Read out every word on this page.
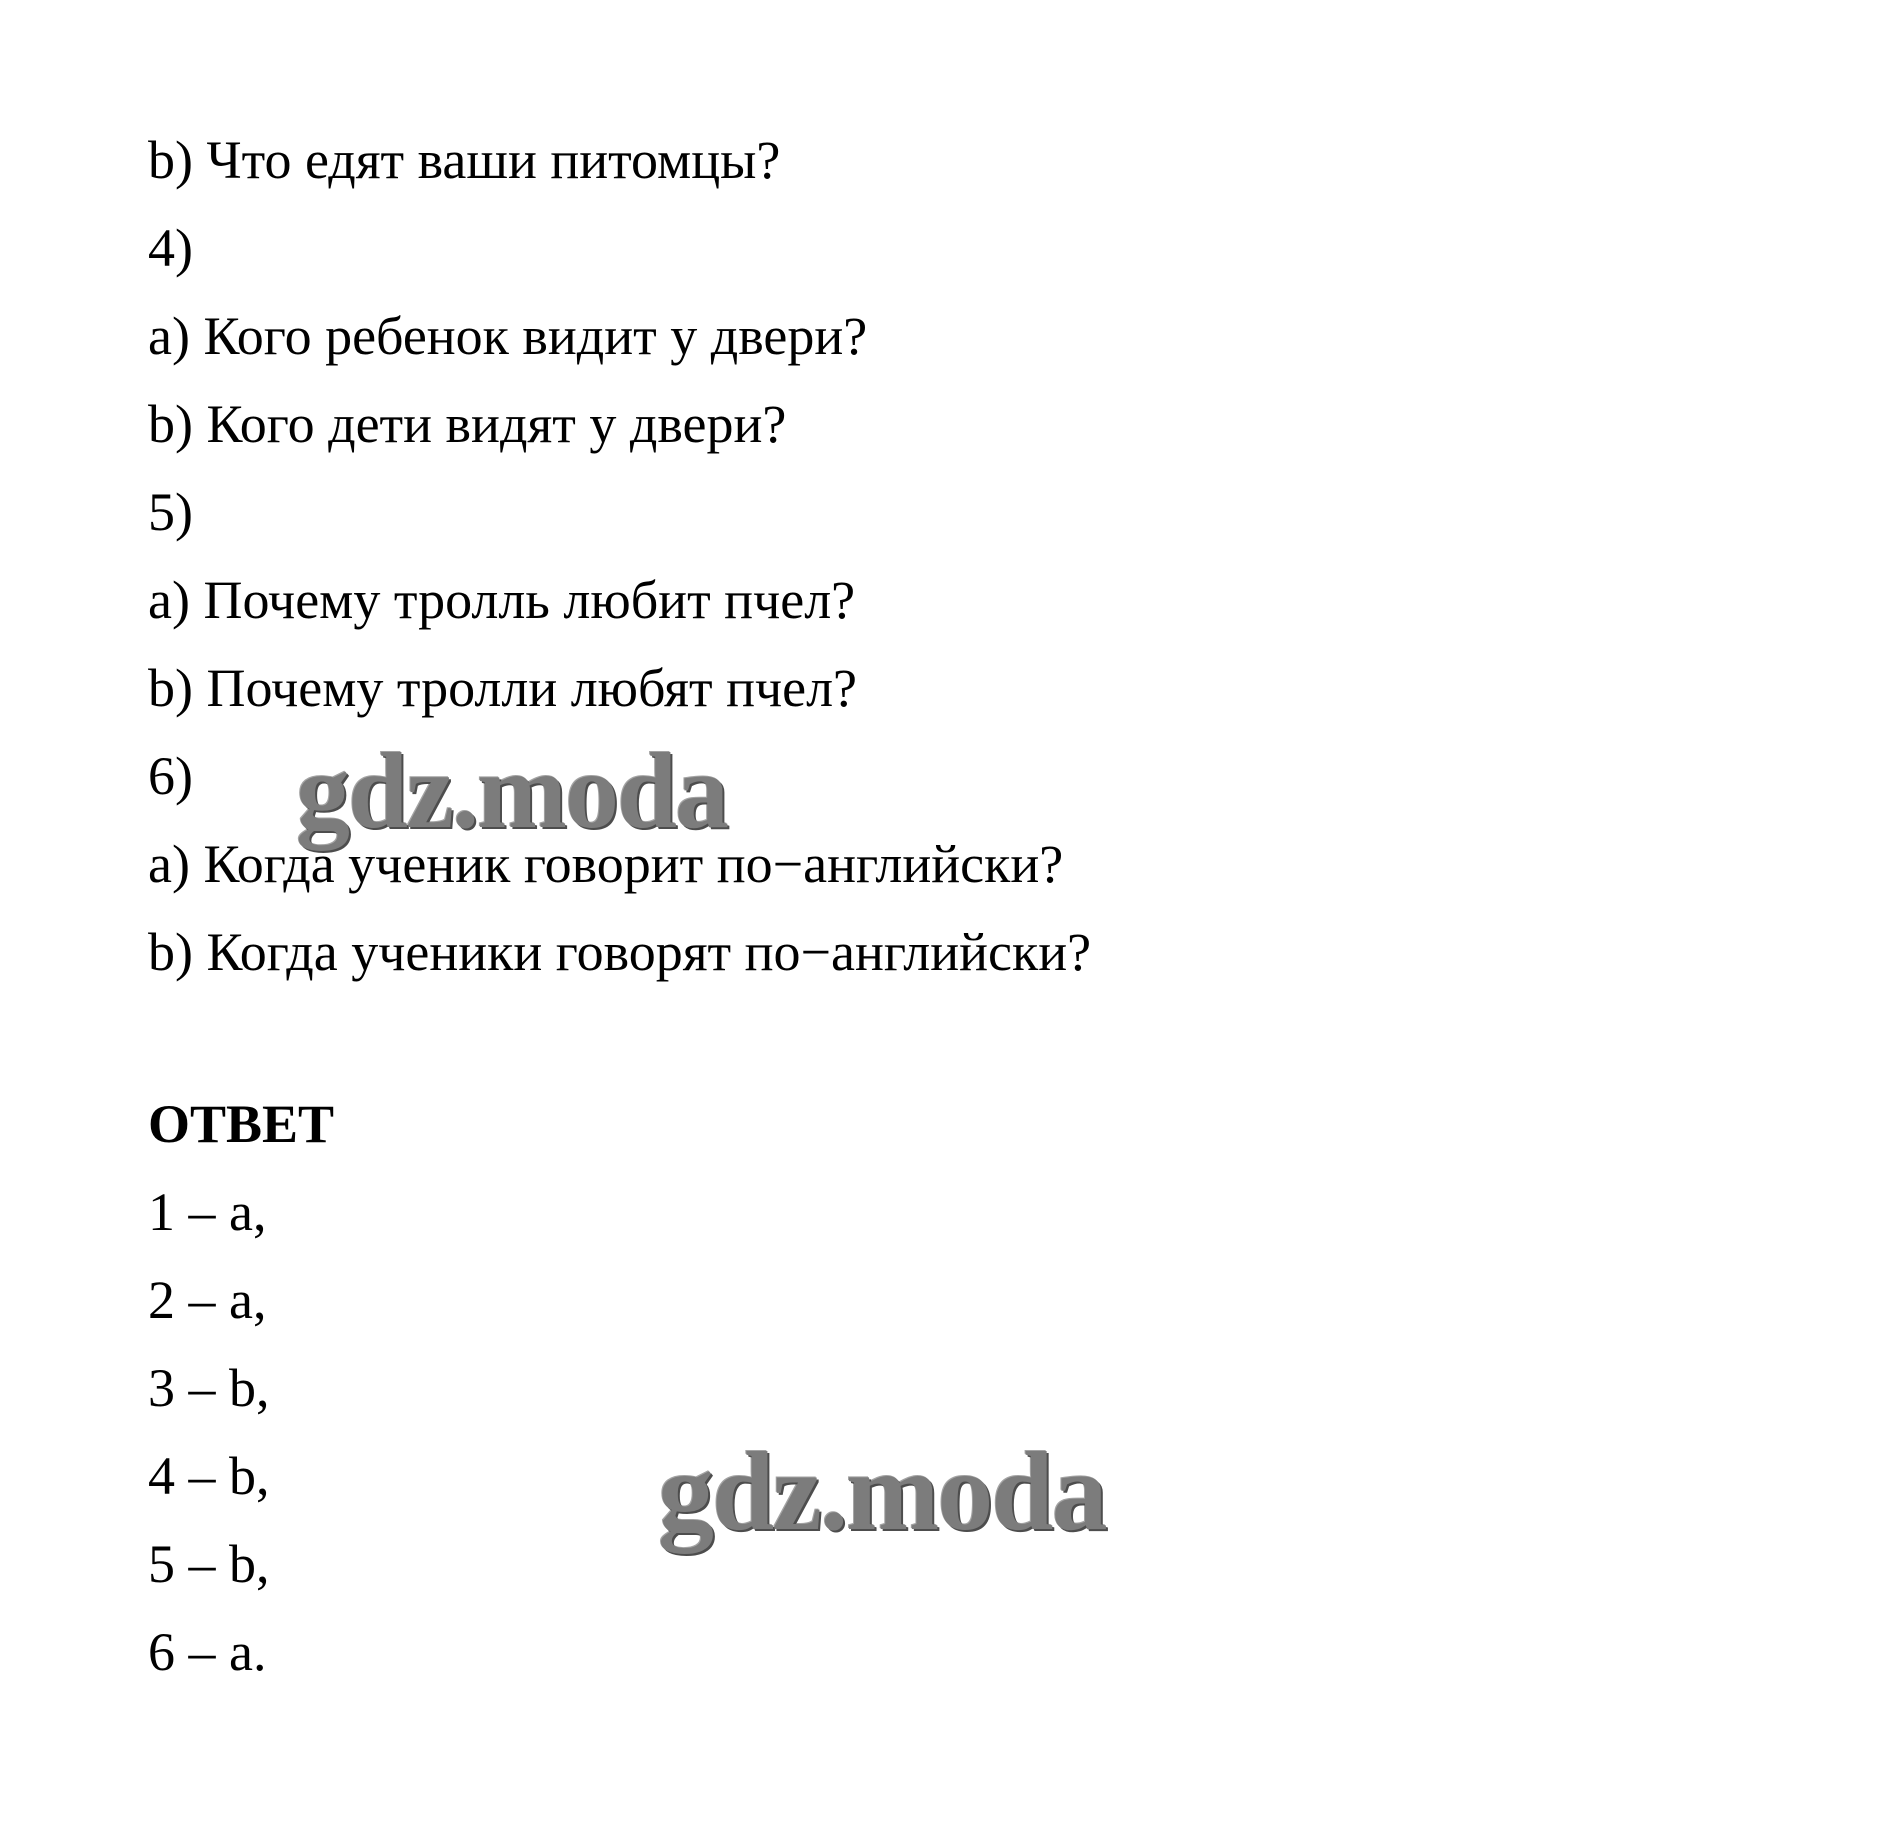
b) Что едят ваши питомцы?
4)
a) Кого ребенок видит у двери?
b) Кого дети видят у двери?
5)
a) Почему тролль любит пчел?
b) Почему тролли любят пчел?
6)
a) Когда ученик говорит по−английски?
b) Когда ученики говорят по−английски?
ОТВЕТ
1 – a,
2 – a,
3 – b,
4 – b,
5 – b,
6 – a.
gdz.moda
gdz.moda
